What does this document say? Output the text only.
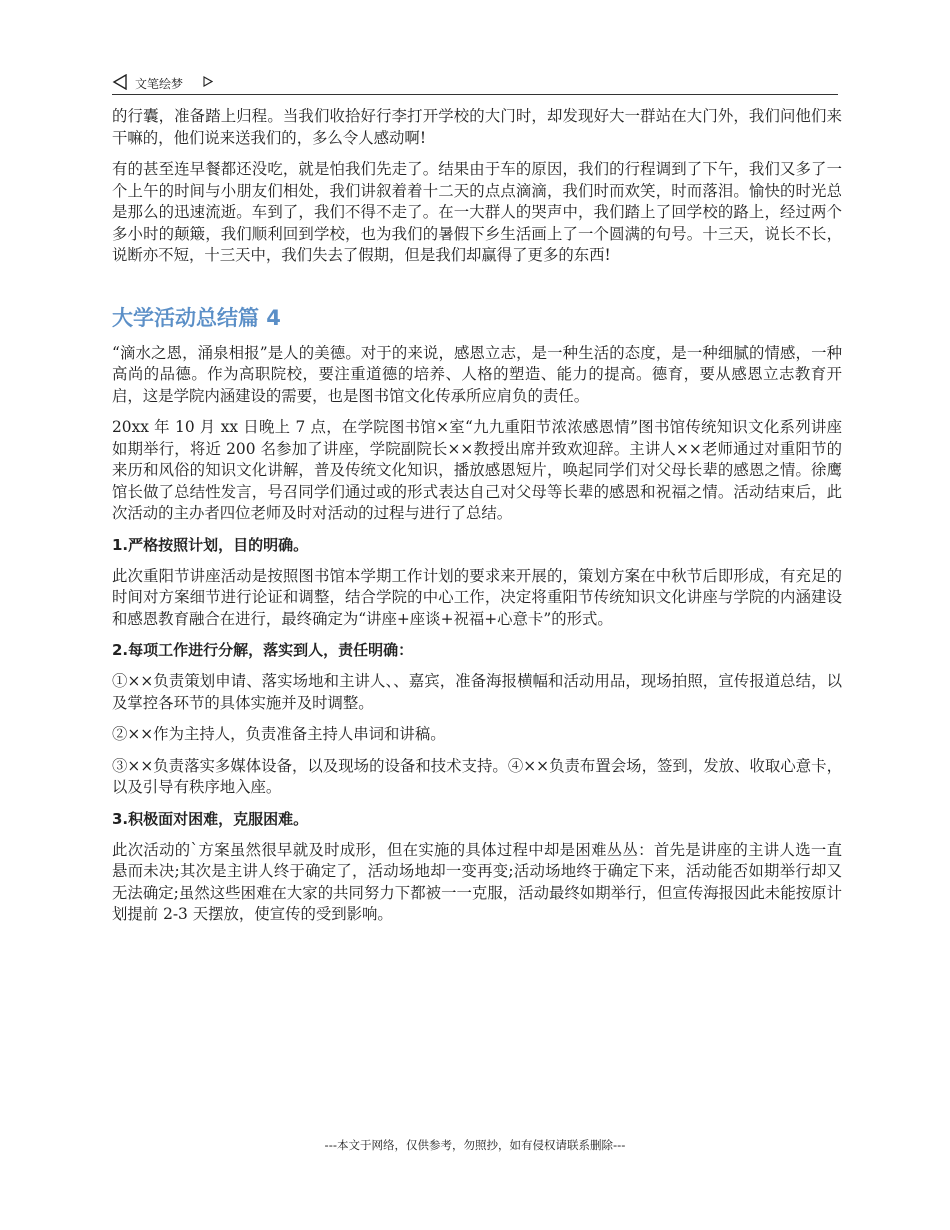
文笔绘梦

的行囊，准备踏上归程。当我们收拾好行李打开学校的大门时，却发现好大一群站在大门外，我们问他们来干嘛的，他们说来送我们的，多么令人感动啊!

有的甚至连早餐都还没吃，就是怕我们先走了。结果由于车的原因，我们的行程调到了下午，我们又多了一个上午的时间与小朋友们相处，我们讲叙着着十二天的点点滴滴，我们时而欢笑，时而落泪。愉快的时光总是那么的迅速流逝。车到了，我们不得不走了。在一大群人的哭声中，我们踏上了回学校的路上，经过两个多小时的颠簸，我们顺利回到学校，也为我们的暑假下乡生活画上了一个圆满的句号。十三天，说长不长，说断亦不短，十三天中，我们失去了假期，但是我们却赢得了更多的东西!

大学活动总结篇 4

“滴水之恩，涌泉相报”是人的美德。对于的来说，感恩立志，是一种生活的态度，是一种细腻的情感，一种高尚的品德。作为高职院校，要注重道德的培养、人格的塑造、能力的提高。德育，要从感恩立志教育开启，这是学院内涵建设的需要，也是图书馆文化传承所应肩负的责任。

20xx 年 10 月 xx 日晚上 7 点，在学院图书馆×室“九九重阳节浓浓感恩情”图书馆传统知识文化系列讲座如期举行，将近 200 名参加了讲座，学院副院长××教授出席并致欢迎辞。主讲人××老师通过对重阳节的来历和风俗的知识文化讲解，普及传统文化知识，播放感恩短片，唤起同学们对父母长辈的感恩之情。徐鹰馆长做了总结性发言，号召同学们通过或的形式表达自己对父母等长辈的感恩和祝福之情。活动结束后，此次活动的主办者四位老师及时对活动的过程与进行了总结。

1.严格按照计划，目的明确。

此次重阳节讲座活动是按照图书馆本学期工作计划的要求来开展的，策划方案在中秋节后即形成，有充足的时间对方案细节进行论证和调整，结合学院的中心工作，决定将重阳节传统知识文化讲座与学院的内涵建设和感恩教育融合在进行，最终确定为“讲座+座谈+祝福+心意卡”的形式。

2.每项工作进行分解，落实到人，责任明确：

①××负责策划申请、落实场地和主讲人、、嘉宾，准备海报横幅和活动用品，现场拍照，宣传报道总结，以及掌控各环节的具体实施并及时调整。

②××作为主持人，负责准备主持人串词和讲稿。

③××负责落实多媒体设备，以及现场的设备和技术支持。④××负责布置会场，签到，发放、收取心意卡，以及引导有秩序地入座。

3.积极面对困难，克服困难。

此次活动的`方案虽然很早就及时成形，但在实施的具体过程中却是困难丛丛：首先是讲座的主讲人选一直悬而未决;其次是主讲人终于确定了，活动场地却一变再变;活动场地终于确定下来，活动能否如期举行却又无法确定;虽然这些困难在大家的共同努力下都被一一克服，活动最终如期举行，但宣传海报因此未能按原计划提前 2-3 天摆放，使宣传的受到影响。

---本文于网络，仅供参考，勿照抄，如有侵权请联系删除---
